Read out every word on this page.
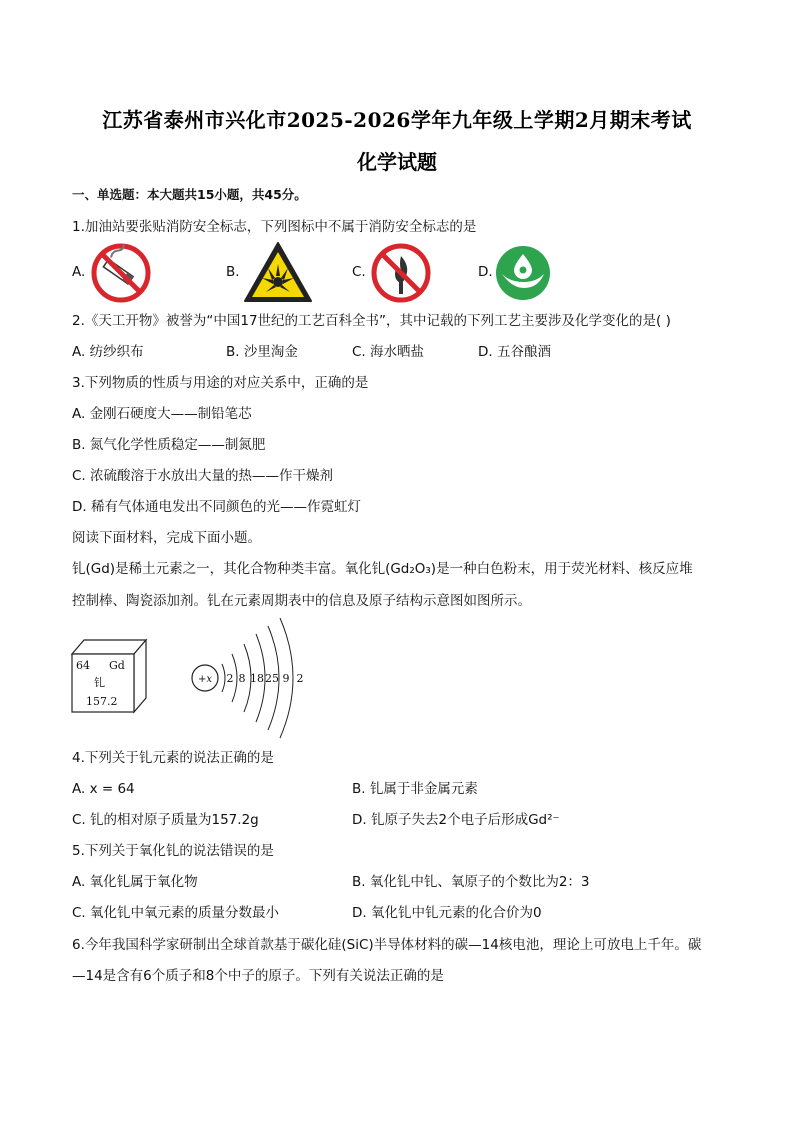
江苏省泰州市兴化市2025-2026学年九年级上学期2月期末考试
化学试题
一、单选题：本大题共15小题，共45分。
1.加油站要张贴消防安全标志，下列图标中不属于消防安全标志的是
A.	B.	C.	D.
2.《天工开物》被誉为“中国17世纪的工艺百科全书”，其中记载的下列工艺主要涉及化学变化的是( )
A. 纺纱织布	B. 沙里淘金	C. 海水晒盐	D. 五谷酿酒
3.下列物质的性质与用途的对应关系中，正确的是
A. 金刚石硬度大——制铅笔芯
B. 氮气化学性质稳定——制氮肥
C. 浓硫酸溶于水放出大量的热——作干燥剂
D. 稀有气体通电发出不同颜色的光——作霓虹灯
阅读下面材料，完成下面小题。
钆(Gd)是稀土元素之一，其化合物种类丰富。氧化钆(Gd₂O₃)是一种白色粉末，用于荧光材料、核反应堆
控制棒、陶瓷添加剂。钆在元素周期表中的信息及原子结构示意图如图所示。
64 Gd
钆
157.2
+x 2 8 18 25 9 2
4.下列关于钆元素的说法正确的是
A. x = 64	B. 钆属于非金属元素
C. 钆的相对原子质量为157.2g	D. 钆原子失去2个电子后形成Gd²⁻
5.下列关于氧化钆的说法错误的是
A. 氧化钆属于氧化物	B. 氧化钆中钆、氧原子的个数比为2：3
C. 氧化钆中氧元素的质量分数最小	D. 氧化钆中钆元素的化合价为0
6.今年我国科学家研制出全球首款基于碳化硅(SiC)半导体材料的碳—14核电池，理论上可放电上千年。碳
—14是含有6个质子和8个中子的原子。下列有关说法正确的是
